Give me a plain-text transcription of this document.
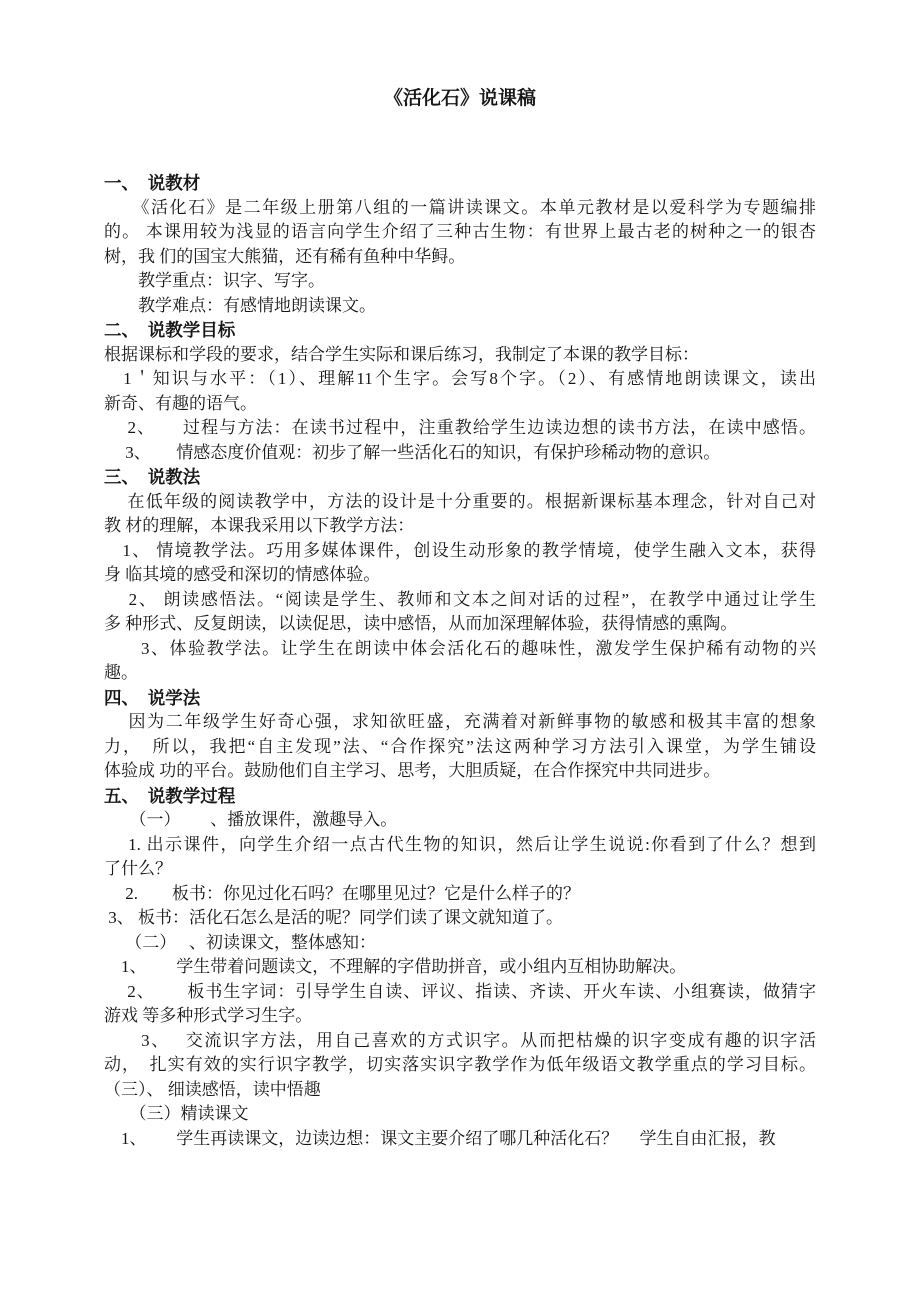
《活化石》说课稿
一、　说教材
　　《活化石》是二年级上册第八组的一篇讲读课文。本单元教材是以爱科学为专题编排
的。 本课用较为浅显的语言向学生介绍了三种古生物：有世界上最古老的树种之一的银杏
树，我 们的国宝大熊猫，还有稀有鱼种中华鲟。
　　教学重点：识字、写字。
　　教学难点：有感情地朗读课文。
二、　说教学目标
根据课标和学段的要求，结合学生实际和课后练习，我制定了本课的教学目标：
　1＇知识与水平：（1）、理解11个生字。会写8个字。（2）、有感情地朗读课文，读出
新奇、有趣的语气。
　 2、　　过程与方法：在读书过程中，注重教给学生边读边想的读书方法，在读中感悟。
　 3、　　情感态度价值观：初步了解一些活化石的知识，有保护珍稀动物的意识。
三、　说教法
　 在低年级的阅读教学中，方法的设计是十分重要的。根据新课标基本理念，针对自己对
教 材的理解，本课我采用以下教学方法：
　1、 情境教学法。巧用多媒体课件，创设生动形象的教学情境，使学生融入文本，获得
身 临其境的感受和深切的情感体验。
　 2、 朗读感悟法。“阅读是学生、教师和文本之间对话的过程”，在教学中通过让学生
多 种形式、反复朗读，以读促思，读中感悟，从而加深理解体验，获得情感的熏陶。
　　3、体验教学法。让学生在朗读中体会活化石的趣味性，激发学生保护稀有动物的兴
趣。
四、　说学法
　 因为二年级学生好奇心强，求知欲旺盛，充满着对新鲜事物的敏感和极其丰富的想象
力，　所以，我把“自主发现”法、“合作探究”法这两种学习方法引入课堂，为学生铺设
体验成 功的平台。鼓励他们自主学习、思考，大胆质疑，在合作探究中共同进步。
五、　说教学过程
　　（一）　　 、播放课件，激趣导入。
　 1. 出示课件，向学生介绍一点古代生物的知识，然后让学生说说:你看到了什么？想到
了什么？
　 2.　　板书：你见过化石吗？在哪里见过？它是什么样子的？
3、 板书：活化石怎么是活的呢？同学们读了课文就知道了。
　 （二）　 、初读课文，整体感知：
　1、　　 学生带着问题读文，不理解的字借助拼音，或小组内互相协助解决。
　 2、　　 板书生字词：引导学生自读、评议、指读、齐读、开火车读、小组赛读，做猜字
游戏 等多种形式学习生字。
　　3、　 交流识字方法，用自己喜欢的方式识字。从而把枯燥的识字变成有趣的识字活
动，　扎实有效的实行识字教学，切实落实识字教学作为低年级语文教学重点的学习目标。
（三）、 细读感悟，读中悟趣
　　（三）精读课文
　1、　　 学生再读课文，边读边想：课文主要介绍了哪几种活化石？　 学生自由汇报，教
